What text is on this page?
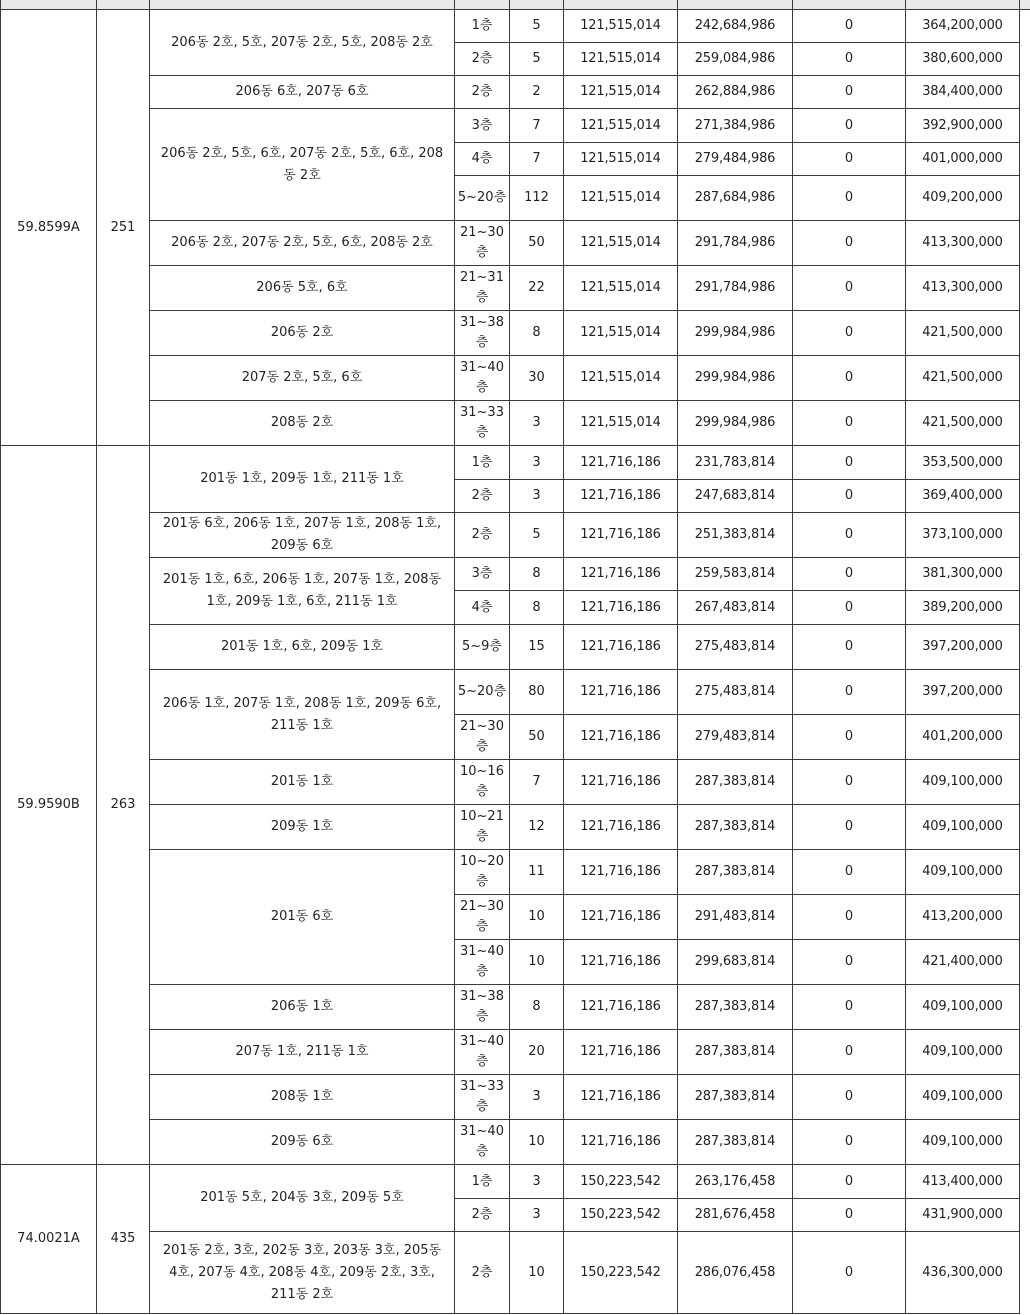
59.8599A	251	206동 2호, 5호, 207동 2호, 5호, 208동 2호	1층	5	121,515,014	242,684,986	0	364,200,000	
			2층	5	121,515,014	259,084,986	0	380,600,000	
		206동 6호, 207동 6호	2층	2	121,515,014	262,884,986	0	384,400,000	
		206동 2호, 5호, 6호, 207동 2호, 5호, 6호, 208동 2호	3층	7	121,515,014	271,384,986	0	392,900,000	
			4층	7	121,515,014	279,484,986	0	401,000,000	
			5~20층	112	121,515,014	287,684,986	0	409,200,000	
		206동 2호, 207동 2호, 5호, 6호, 208동 2호	21~30층	50	121,515,014	291,784,986	0	413,300,000	
		206동 5호, 6호	21~31층	22	121,515,014	291,784,986	0	413,300,000	
		206동 2호	31~38층	8	121,515,014	299,984,986	0	421,500,000	
		207동 2호, 5호, 6호	31~40층	30	121,515,014	299,984,986	0	421,500,000	
		208동 2호	31~33층	3	121,515,014	299,984,986	0	421,500,000	
59.9590B	263	201동 1호, 209동 1호, 211동 1호	1층	3	121,716,186	231,783,814	0	353,500,000	
			2층	3	121,716,186	247,683,814	0	369,400,000	
		201동 6호, 206동 1호, 207동 1호, 208동 1호, 209동 6호	2층	5	121,716,186	251,383,814	0	373,100,000	
		201동 1호, 6호, 206동 1호, 207동 1호, 208동 1호, 209동 1호, 6호, 211동 1호	3층	8	121,716,186	259,583,814	0	381,300,000	
			4층	8	121,716,186	267,483,814	0	389,200,000	
		201동 1호, 6호, 209동 1호	5~9층	15	121,716,186	275,483,814	0	397,200,000	
		206동 1호, 207동 1호, 208동 1호, 209동 6호, 211동 1호	5~20층	80	121,716,186	275,483,814	0	397,200,000	
			21~30층	50	121,716,186	279,483,814	0	401,200,000	
		201동 1호	10~16층	7	121,716,186	287,383,814	0	409,100,000	
		209동 1호	10~21층	12	121,716,186	287,383,814	0	409,100,000	
		201동 6호	10~20층	11	121,716,186	287,383,814	0	409,100,000	
			21~30층	10	121,716,186	291,483,814	0	413,200,000	
			31~40층	10	121,716,186	299,683,814	0	421,400,000	
		206동 1호	31~38층	8	121,716,186	287,383,814	0	409,100,000	
		207동 1호, 211동 1호	31~40층	20	121,716,186	287,383,814	0	409,100,000	
		208동 1호	31~33층	3	121,716,186	287,383,814	0	409,100,000	
		209동 6호	31~40층	10	121,716,186	287,383,814	0	409,100,000	
74.0021A	435	201동 5호, 204동 3호, 209동 5호	1층	3	150,223,542	263,176,458	0	413,400,000	
			2층	3	150,223,542	281,676,458	0	431,900,000	
		201동 2호, 3호, 202동 3호, 203동 3호, 205동 4호, 207동 4호, 208동 4호, 209동 2호, 3호, 211동 2호	2층	10	150,223,542	286,076,458	0	436,300,000	
